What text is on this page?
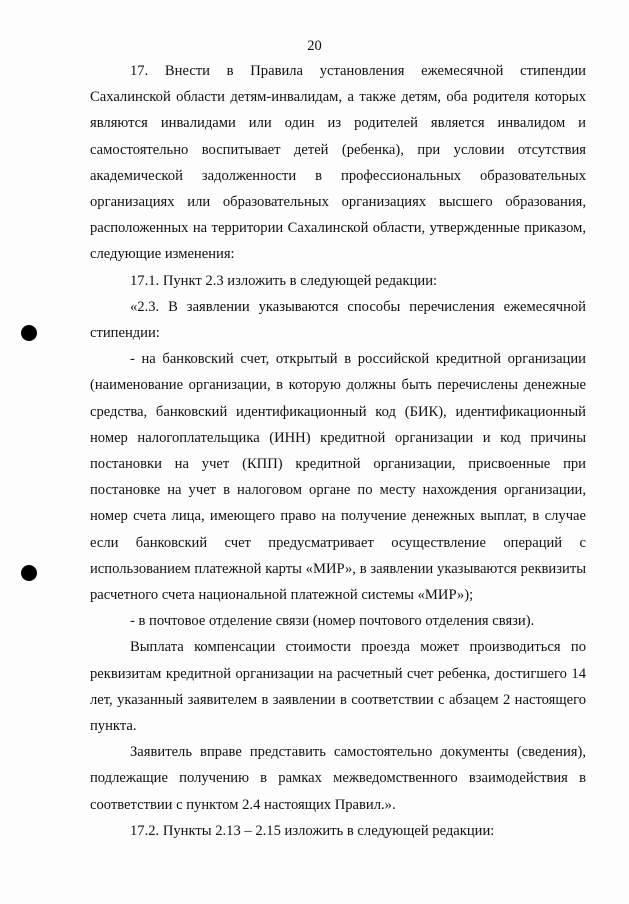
20

17. Внести в Правила установления ежемесячной стипендии Сахалинской области детям-инвалидам, а также детям, оба родителя которых являются инвалидами или один из родителей является инвалидом и самостоятельно воспитывает детей (ребенка), при условии отсутствия академической задолженности в профессиональных образовательных организациях или образовательных организациях высшего образования, расположенных на территории Сахалинской области, утвержденные приказом, следующие изменения:

17.1. Пункт 2.3 изложить в следующей редакции:

«2.3. В заявлении указываются способы перечисления ежемесячной стипендии:

- на банковский счет, открытый в российской кредитной организации (наименование организации, в которую должны быть перечислены денежные средства, банковский идентификационный код (БИК), идентификационный номер налогоплательщика (ИНН) кредитной организации и код причины постановки на учет (КПП) кредитной организации, присвоенные при постановке на учет в налоговом органе по месту нахождения организации, номер счета лица, имеющего право на получение денежных выплат, в случае если банковский счет предусматривает осуществление операций с использованием платежной карты «МИР», в заявлении указываются реквизиты расчетного счета национальной платежной системы «МИР»);

- в почтовое отделение связи (номер почтового отделения связи).

Выплата компенсации стоимости проезда может производиться по реквизитам кредитной организации на расчетный счет ребенка, достигшего 14 лет, указанный заявителем в заявлении в соответствии с абзацем 2 настоящего пункта.

Заявитель вправе представить самостоятельно документы (сведения), подлежащие получению в рамках межведомственного взаимодействия в соответствии с пунктом 2.4 настоящих Правил.».

17.2. Пункты 2.13 – 2.15 изложить в следующей редакции:
